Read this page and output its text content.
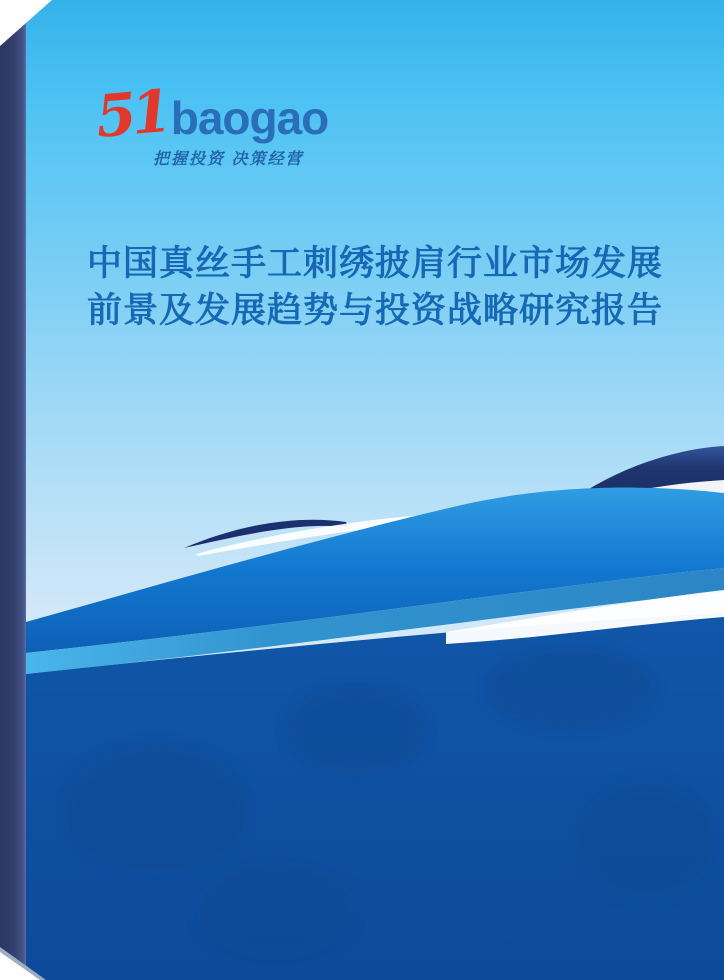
51 baogao
把握投资 决策经营
中国真丝手工刺绣披肩行业市场发展
前景及发展趋势与投资战略研究报告
